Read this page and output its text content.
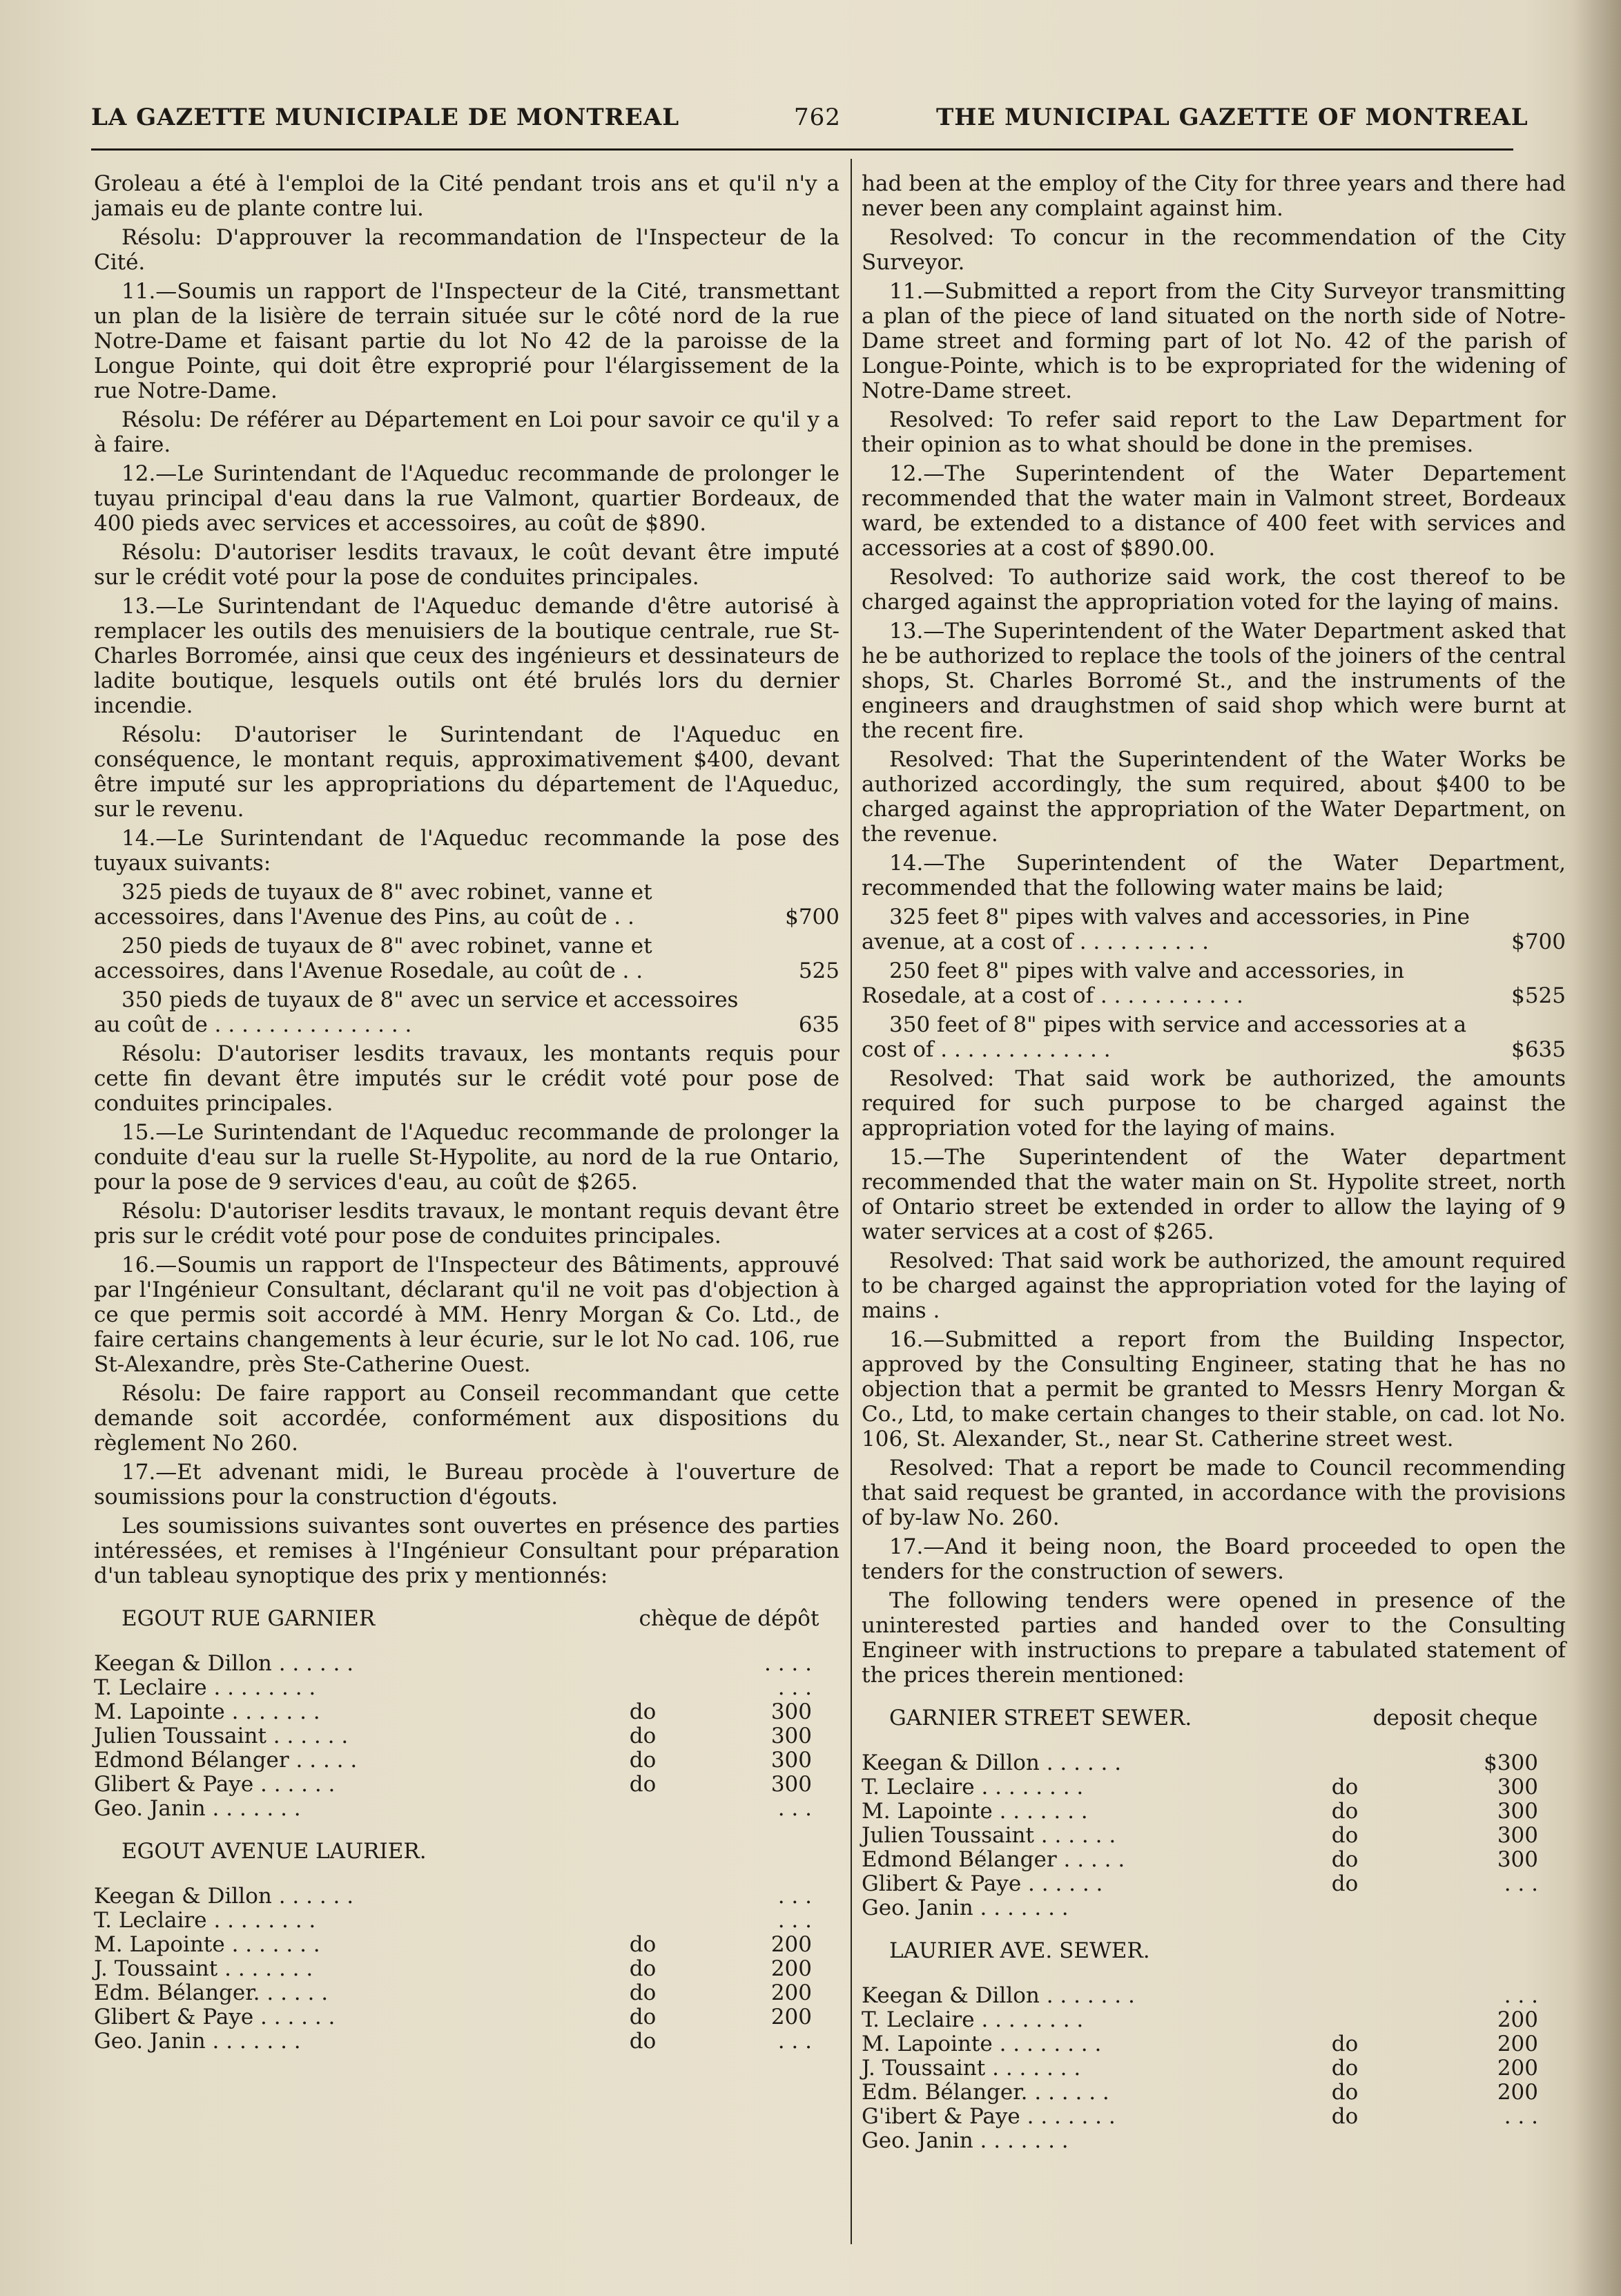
LA GAZETTE MUNICIPALE DE MONTREAL	762	THE MUNICIPAL GAZETTE OF MONTREAL

Groleau a été à l'emploi de la Cité pendant trois ans et qu'il n'y a jamais eu de plante contre lui.

Résolu: D'approuver la recommandation de l'Inspecteur de la Cité.

11.—Soumis un rapport de l'Inspecteur de la Cité, transmettant un plan de la lisière de terrain située sur le côté nord de la rue Notre-Dame et faisant partie du lot No 42 de la paroisse de la Longue Pointe, qui doit être exproprié pour l'élargissement de la rue Notre-Dame.

Résolu: De référer au Département en Loi pour savoir ce qu'il y a à faire.

12.—Le Surintendant de l'Aqueduc recommande de prolonger le tuyau principal d'eau dans la rue Valmont, quartier Bordeaux, de 400 pieds avec services et accessoires, au coût de $890.

Résolu: D'autoriser lesdits travaux, le coût devant être imputé sur le crédit voté pour la pose de conduites principales.

13.—Le Surintendant de l'Aqueduc demande d'être autorisé à remplacer les outils des menuisiers de la boutique centrale, rue St-Charles Borromée, ainsi que ceux des ingénieurs et dessinateurs de ladite boutique, lesquels outils ont été brulés lors du dernier incendie.

Résolu: D'autoriser le Surintendant de l'Aqueduc en conséquence, le montant requis, approximativement $400, devant être imputé sur les appropriations du département de l'Aqueduc, sur le revenu.

14.—Le Surintendant de l'Aqueduc recommande la pose des tuyaux suivants:

325 pieds de tuyaux de 8" avec robinet, vanne et accessoires, dans l'Avenue des Pins, au coût de . .	$700
250 pieds de tuyaux de 8" avec robinet, vanne et accessoires, dans l'Avenue Rosedale, au coût de . .	525
350 pieds de tuyaux de 8" avec un service et accessoires au coût de . . . . . . . . . . . . . . .	635

Résolu: D'autoriser lesdits travaux, les montants requis pour cette fin devant être imputés sur le crédit voté pour pose de conduites principales.

15.—Le Surintendant de l'Aqueduc recommande de prolonger la conduite d'eau sur la ruelle St-Hypolite, au nord de la rue Ontario, pour la pose de 9 services d'eau, au coût de $265.

Résolu: D'autoriser lesdits travaux, le montant requis devant être pris sur le crédit voté pour pose de conduites principales.

16.—Soumis un rapport de l'Inspecteur des Bâtiments, approuvé par l'Ingénieur Consultant, déclarant qu'il ne voit pas d'objection à ce que permis soit accordé à MM. Henry Morgan & Co. Ltd., de faire certains changements à leur écurie, sur le lot No cad. 106, rue St-Alexandre, près Ste-Catherine Ouest.

Résolu: De faire rapport au Conseil recommandant que cette demande soit accordée, conformément aux dispositions du règlement No 260.

17.—Et advenant midi, le Bureau procède à l'ouverture de soumissions pour la construction d'égouts.

Les soumissions suivantes sont ouvertes en présence des parties intéressées, et remises à l'Ingénieur Consultant pour préparation d'un tableau synoptique des prix y mentionnés:

EGOUT RUE GARNIER	chèque de dépôt
Keegan & Dillon . . . . . .	. . . .
T. Leclaire . . . . . . . .	. . .
M. Lapointe . . . . . . .	do	300
Julien Toussaint . . . . . .	do	300
Edmond Bélanger . . . . .	do	300
Glibert & Paye . . . . . .	do	300
Geo. Janin . . . . . . .	. . .
EGOUT AVENUE LAURIER.
Keegan & Dillon . . . . . .	. . .
T. Leclaire . . . . . . . .	. . .
M. Lapointe . . . . . . .	do	200
J. Toussaint . . . . . . .	do	200
Edm. Bélanger. . . . . .	do	200
Glibert & Paye . . . . . .	do	200
Geo. Janin . . . . . . .	do	. . .

had been at the employ of the City for three years and there had never been any complaint against him.

Resolved: To concur in the recommendation of the City Surveyor.

11.—Submitted a report from the City Surveyor transmitting a plan of the piece of land situated on the north side of Notre-Dame street and forming part of lot No. 42 of the parish of Longue-Pointe, which is to be expropriated for the widening of Notre-Dame street.

Resolved: To refer said report to the Law Department for their opinion as to what should be done in the premises.

12.—The Superintendent of the Water Departement recommended that the water main in Valmont street, Bordeaux ward, be extended to a distance of 400 feet with services and accessories at a cost of $890.00.

Resolved: To authorize said work, the cost thereof to be charged against the appropriation voted for the laying of mains.

13.—The Superintendent of the Water Department asked that he be authorized to replace the tools of the joiners of the central shops, St. Charles Borromé St., and the instruments of the engineers and draughstmen of said shop which were burnt at the recent fire.

Resolved: That the Superintendent of the Water Works be authorized accordingly, the sum required, about $400 to be charged against the appropriation of the Water Department, on the revenue.

14.—The Superintendent of the Water Department, recommended that the following water mains be laid;

325 feet 8" pipes with valves and accessories, in Pine avenue, at a cost of . . . . . . . . . .	$700
250 feet 8" pipes with valve and accessories, in Rosedale, at a cost of . . . . . . . . . . .	$525
350 feet of 8" pipes with service and accessories at a cost of . . . . . . . . . . . . .	$635

Resolved: That said work be authorized, the amounts required for such purpose to be charged against the appropriation voted for the laying of mains.

15.—The Superintendent of the Water department recommended that the water main on St. Hypolite street, north of Ontario street be extended in order to allow the laying of 9 water services at a cost of $265.

Resolved: That said work be authorized, the amount required to be charged against the appropriation voted for the laying of mains .

16.—Submitted a report from the Building Inspector, approved by the Consulting Engineer, stating that he has no objection that a permit be granted to Messrs Henry Morgan & Co., Ltd, to make certain changes to their stable, on cad. lot No. 106, St. Alexander, St., near St. Catherine street west.

Resolved: That a report be made to Council recommending that said request be granted, in accordance with the provisions of by-law No. 260.

17.—And it being noon, the Board proceeded to open the tenders for the construction of sewers.

The following tenders were opened in presence of the uninterested parties and handed over to the Consulting Engineer with instructions to prepare a tabulated statement of the prices therein mentioned:

GARNIER STREET SEWER.	deposit cheque
Keegan & Dillon . . . . . .	$300
T. Leclaire . . . . . . . .	do	300
M. Lapointe . . . . . . .	do	300
Julien Toussaint . . . . . .	do	300
Edmond Bélanger . . . . .	do	300
Glibert & Paye . . . . . .	do	. . .
Geo. Janin . . . . . . .
LAURIER AVE. SEWER.
Keegan & Dillon . . . . . . .	. . .
T. Leclaire . . . . . . . .	200
M. Lapointe . . . . . . . .	do	200
J. Toussaint . . . . . . .	do	200
Edm. Bélanger. . . . . . .	do	200
G'ibert & Paye . . . . . . .	do	. . .
Geo. Janin . . . . . . .
